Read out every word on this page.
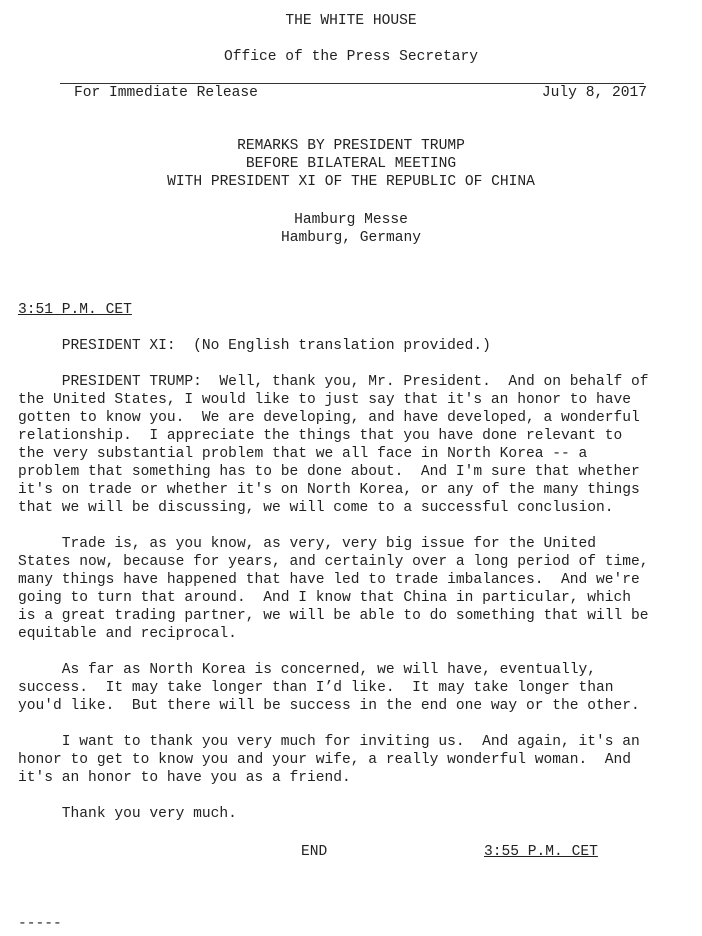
THE WHITE HOUSE
Office of the Press Secretary
For Immediate Release	July 8, 2017
REMARKS BY PRESIDENT TRUMP
BEFORE BILATERAL MEETING
WITH PRESIDENT XI OF THE REPUBLIC OF CHINA
Hamburg Messe
Hamburg, Germany
3:51 P.M. CET

PRESIDENT XI:  (No English translation provided.)

PRESIDENT TRUMP:  Well, thank you, Mr. President.  And on behalf of
the United States, I would like to just say that it's an honor to have
gotten to know you.  We are developing, and have developed, a wonderful
relationship.  I appreciate the things that you have done relevant to
the very substantial problem that we all face in North Korea -- a
problem that something has to be done about.  And I'm sure that whether
it's on trade or whether it's on North Korea, or any of the many things
that we will be discussing, we will come to a successful conclusion.

Trade is, as you know, as very, very big issue for the United
States now, because for years, and certainly over a long period of time,
many things have happened that have led to trade imbalances.  And we're
going to turn that around.  And I know that China in particular, which
is a great trading partner, we will be able to do something that will be
equitable and reciprocal.

As far as North Korea is concerned, we will have, eventually,
success.  It may take longer than I’d like.  It may take longer than
you'd like.  But there will be success in the end one way or the other.

I want to thank you very much for inviting us.  And again, it's an
honor to get to know you and your wife, a really wonderful woman.  And
it's an honor to have you as a friend.

Thank you very much.

END	3:55 P.M. CET
-----
